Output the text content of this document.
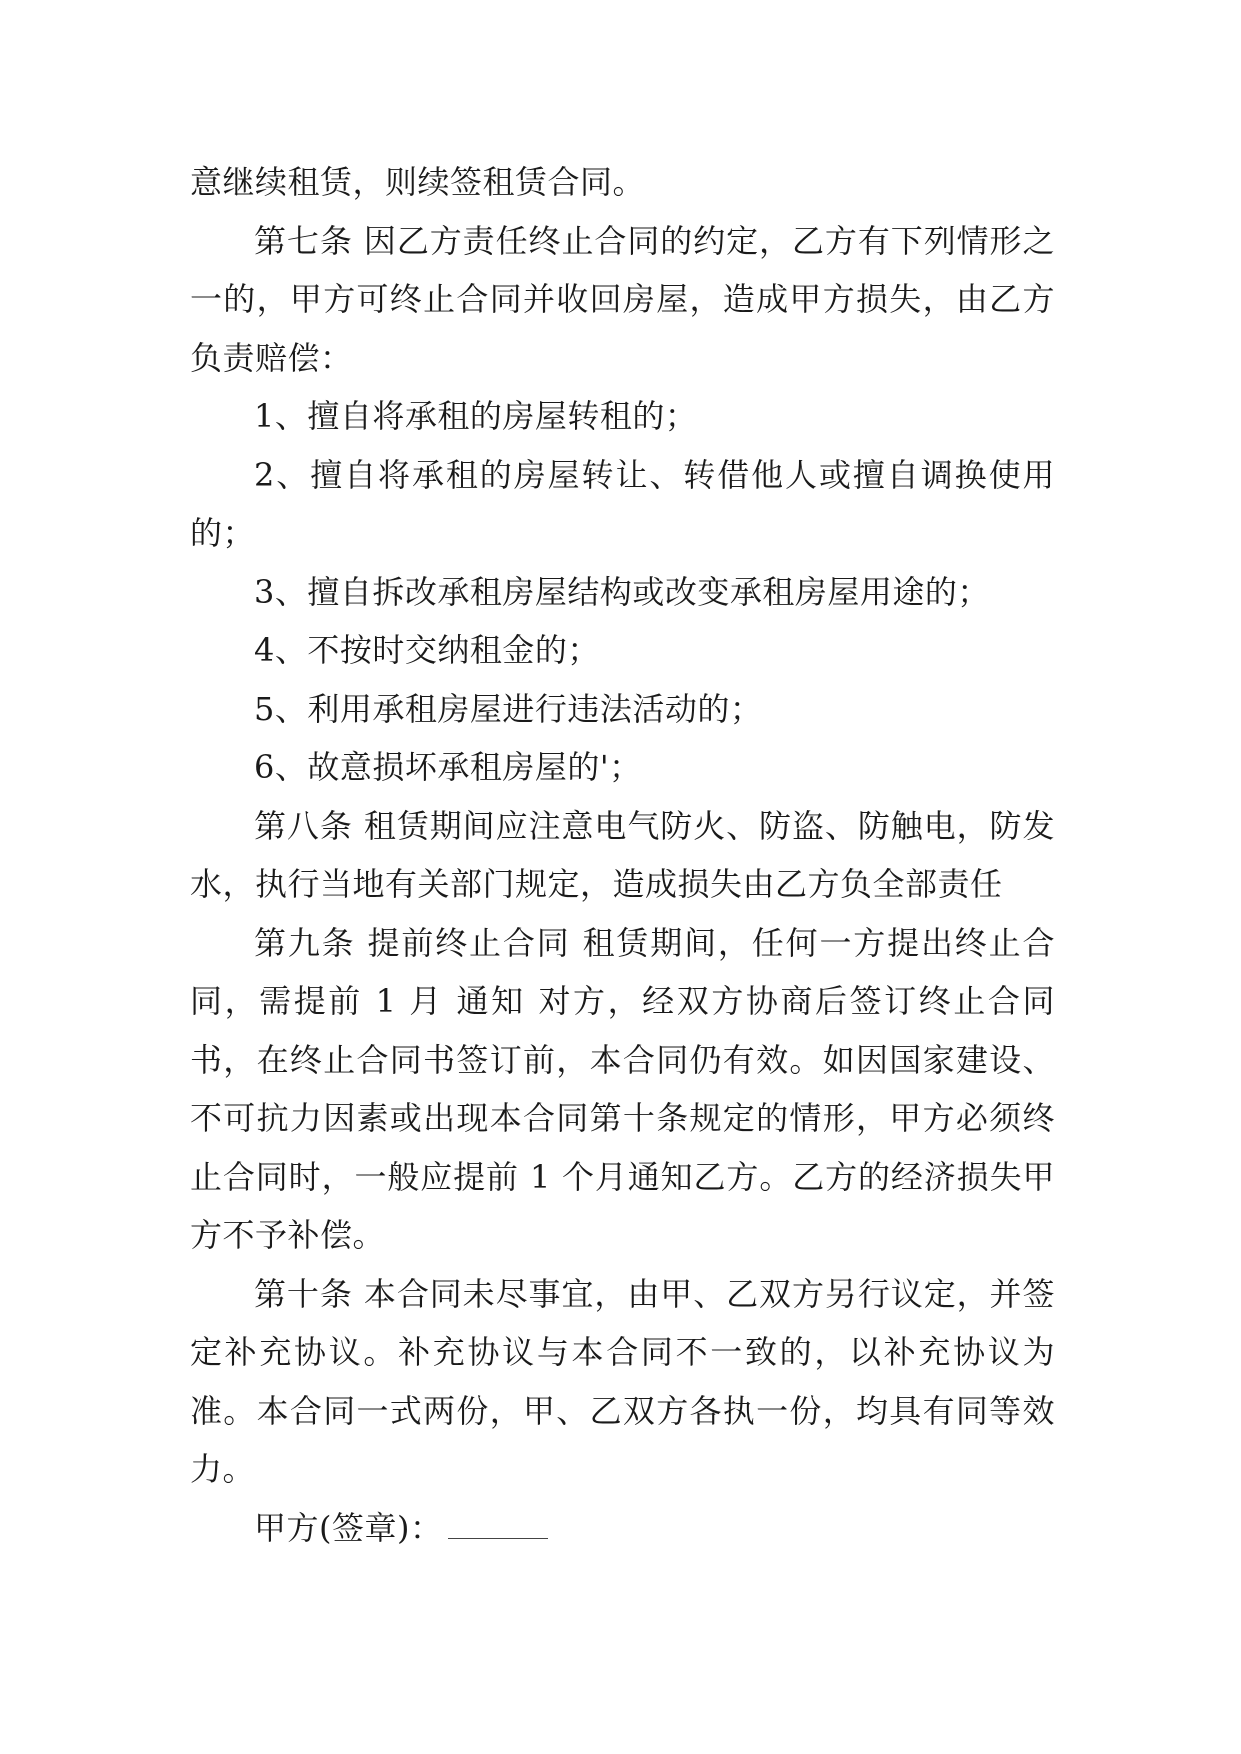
意继续租赁，则续签租赁合同。

第七条 因乙方责任终止合同的约定，乙方有下列情形之一的，甲方可终止合同并收回房屋，造成甲方损失，由乙方负责赔偿：

1、擅自将承租的房屋转租的；

2、擅自将承租的房屋转让、转借他人或擅自调换使用的；

3、擅自拆改承租房屋结构或改变承租房屋用途的；

4、不按时交纳租金的；

5、利用承租房屋进行违法活动的；

6、故意损坏承租房屋的'；

第八条 租赁期间应注意电气防火、防盗、防触电，防发水，执行当地有关部门规定，造成损失由乙方负全部责任

第九条 提前终止合同 租赁期间，任何一方提出终止合同，需提前 1 月 通知 对方，经双方协商后签订终止合同书，在终止合同书签订前，本合同仍有效。如因国家建设、不可抗力因素或出现本合同第十条规定的情形，甲方必须终止合同时，一般应提前 1 个月通知乙方。乙方的经济损失甲方不予补偿。

第十条 本合同未尽事宜，由甲、乙双方另行议定，并签定补充协议。补充协议与本合同不一致的，以补充协议为准。本合同一式两份，甲、乙双方各执一份，均具有同等效力。

甲方(签章)：
